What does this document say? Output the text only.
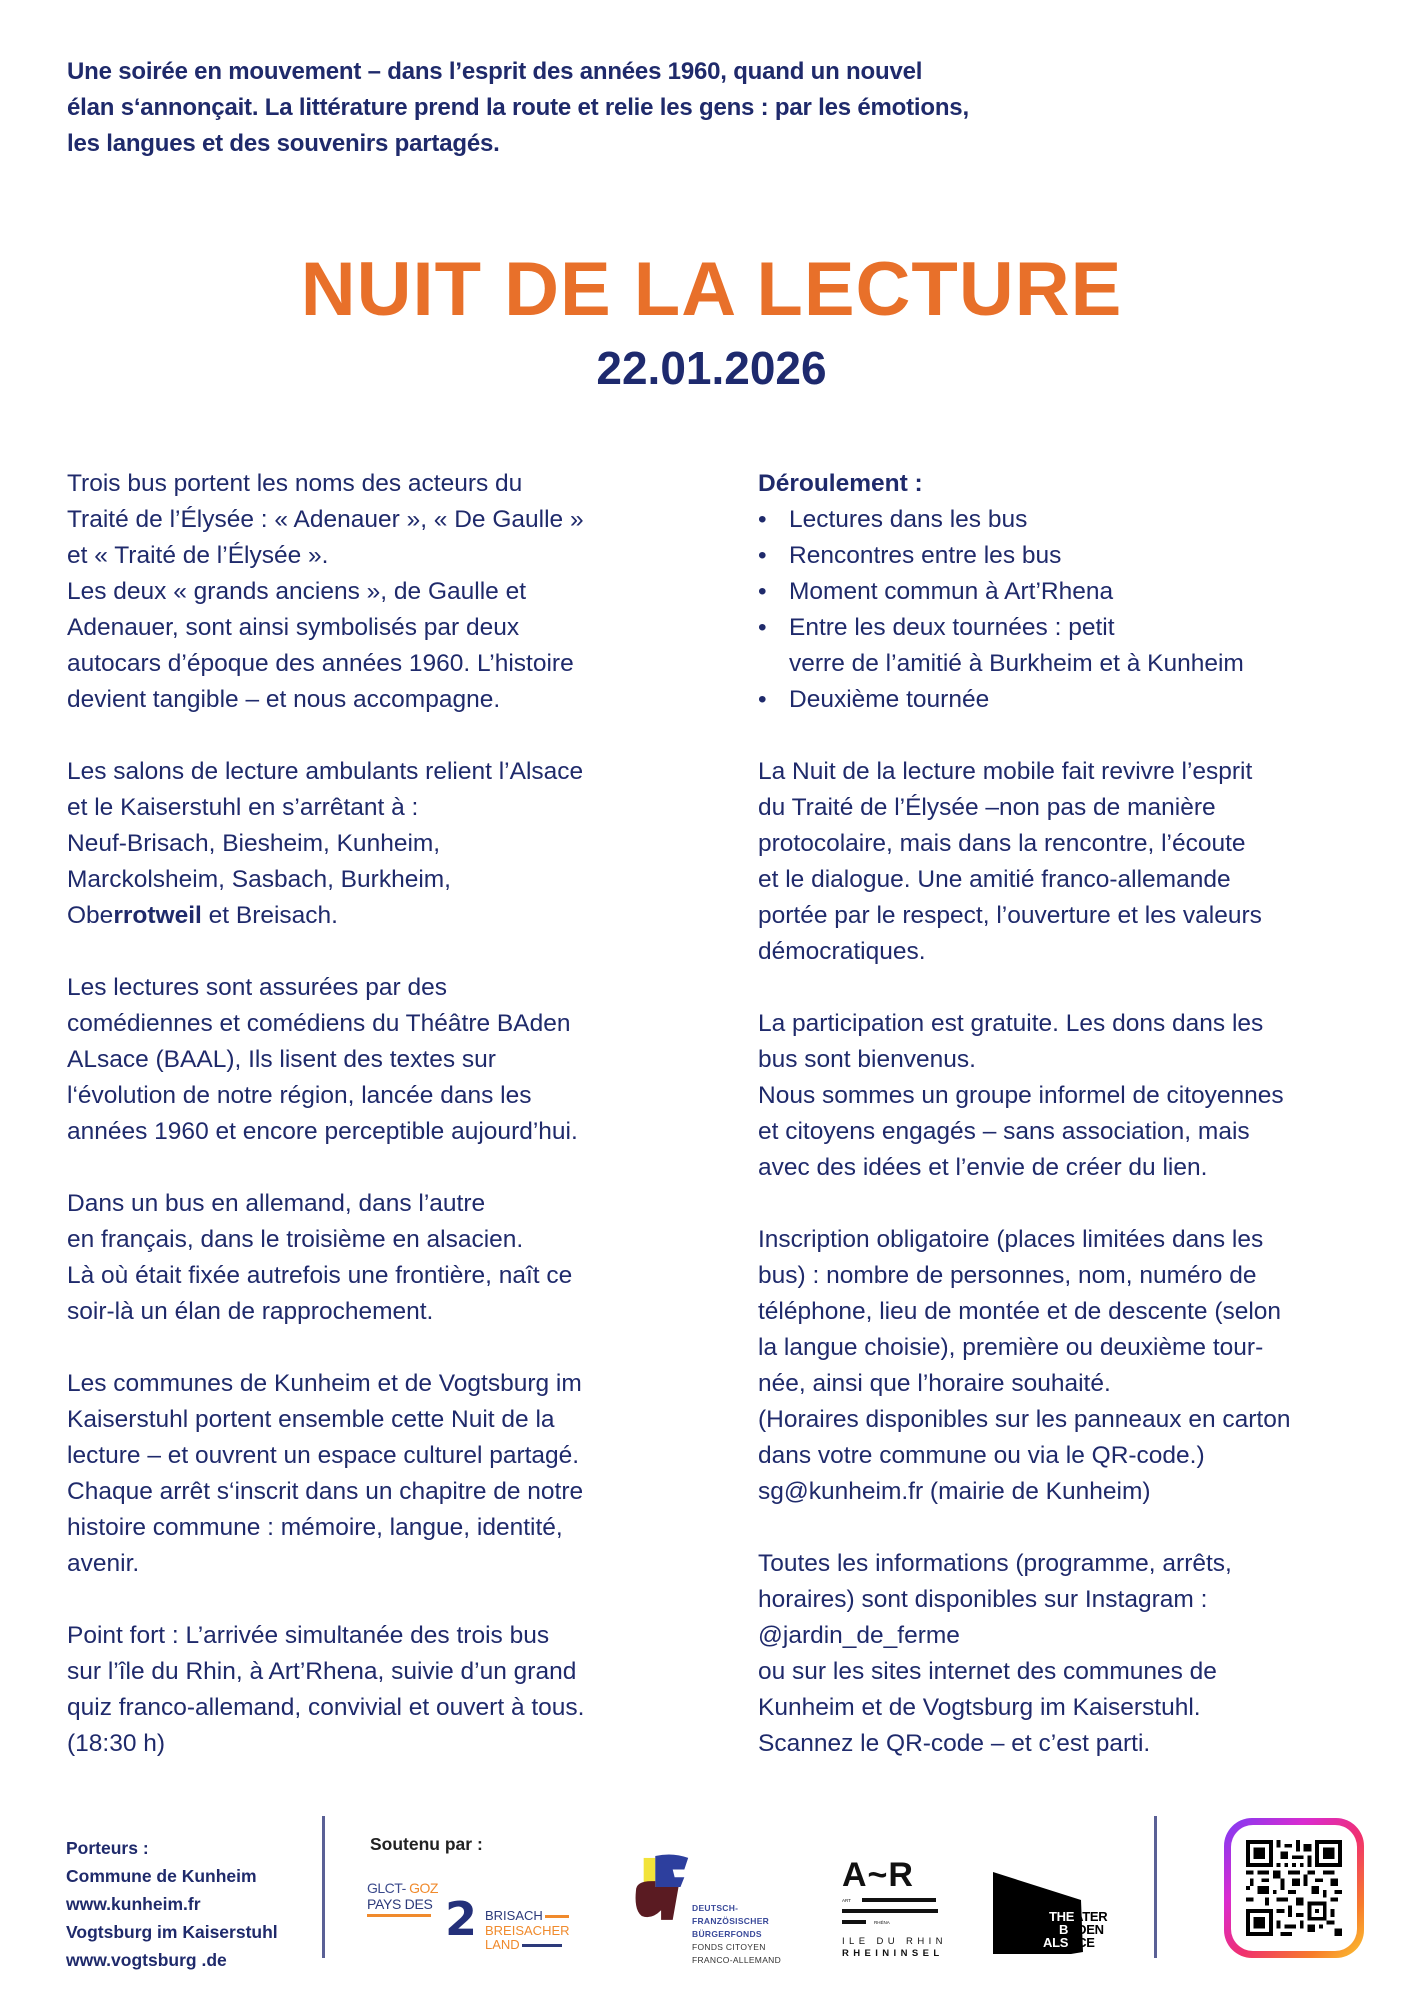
Une soirée en mouvement – dans l’esprit des années 1960, quand un nouvel
élan s‘annonçait. La littérature prend la route et relie les gens : par les émotions,
les langues et des souvenirs partagés.
NUIT DE LA LECTURE
22.01.2026
Trois bus portent les noms des acteurs du
Traité de l’Élysée : « Adenauer », « De Gaulle »
et « Traité de l’Élysée ».
Les deux « grands anciens », de Gaulle et
Adenauer, sont ainsi symbolisés par deux
autocars d’époque des années 1960. L’histoire
devient tangible – et nous accompagne.
Les salons de lecture ambulants relient l’Alsace
et le Kaiserstuhl en s’arrêtant à :
Neuf-Brisach, Biesheim, Kunheim,
Marckolsheim, Sasbach, Burkheim,
Oberrotweil et Breisach.
Les lectures sont assurées par des
comédiennes et comédiens du Théâtre BAden
ALsace (BAAL), Ils lisent des textes sur
l‘évolution de notre région, lancée dans les
années 1960 et encore perceptible aujourd’hui.
Dans un bus en allemand, dans l’autre
en français, dans le troisième en alsacien.
Là où était fixée autrefois une frontière, naît ce
soir-là un élan de rapprochement.
Les communes de Kunheim et de Vogtsburg im
Kaiserstuhl portent ensemble cette Nuit de la
lecture – et ouvrent un espace culturel partagé.
Chaque arrêt s‘inscrit dans un chapitre de notre
histoire commune : mémoire, langue, identité,
avenir.
Point fort : L’arrivée simultanée des trois bus
sur l’île du Rhin, à Art’Rhena, suivie d’un grand
quiz franco-allemand, convivial et ouvert à tous.
(18:30 h)
Déroulement :
• Lectures dans les bus
• Rencontres entre les bus
• Moment commun à Art’Rhena
• Entre les deux tournées : petit
verre de l’amitié à Burkheim et à Kunheim
• Deuxième tournée
La Nuit de la lecture mobile fait revivre l’esprit
du Traité de l’Élysée –non pas de manière
protocolaire, mais dans la rencontre, l’écoute
et le dialogue. Une amitié franco-allemande
portée par le respect, l’ouverture et les valeurs
démocratiques.
La participation est gratuite. Les dons dans les
bus sont bienvenus.
Nous sommes un groupe informel de citoyennes
et citoyens engagés – sans association, mais
avec des idées et l’envie de créer du lien.
Inscription obligatoire (places limitées dans les
bus) : nombre de personnes, nom, numéro de
téléphone, lieu de montée et de descente (selon
la langue choisie), première ou deuxième tour-
née, ainsi que l’horaire souhaité.
(Horaires disponibles sur les panneaux en carton
dans votre commune ou via le QR-code.)
sg@kunheim.fr (mairie de Kunheim)
Toutes les informations (programme, arrêts,
horaires) sont disponibles sur Instagram :
@jardin_de_ferme
ou sur les sites internet des communes de
Kunheim et de Vogtsburg im Kaiserstuhl.
Scannez le QR-code – et c’est parti.
Porteurs :
Commune de Kunheim
www.kunheim.fr
Vogtsburg im Kaiserstuhl
www.vogtsburg .de
Soutenu par :
GLCT- GOZ
PAYS DES 2 BRISACH
BREISACHER
LAND
DEUTSCH-
FRANZÖSISCHER
BÜRGERFONDS
FONDS CITOYEN
FRANCO-ALLEMAND
A~R
ART
RHÉNA
ILE DU RHIN
RHEININSEL
THEATER
BADEN
ALSACE
